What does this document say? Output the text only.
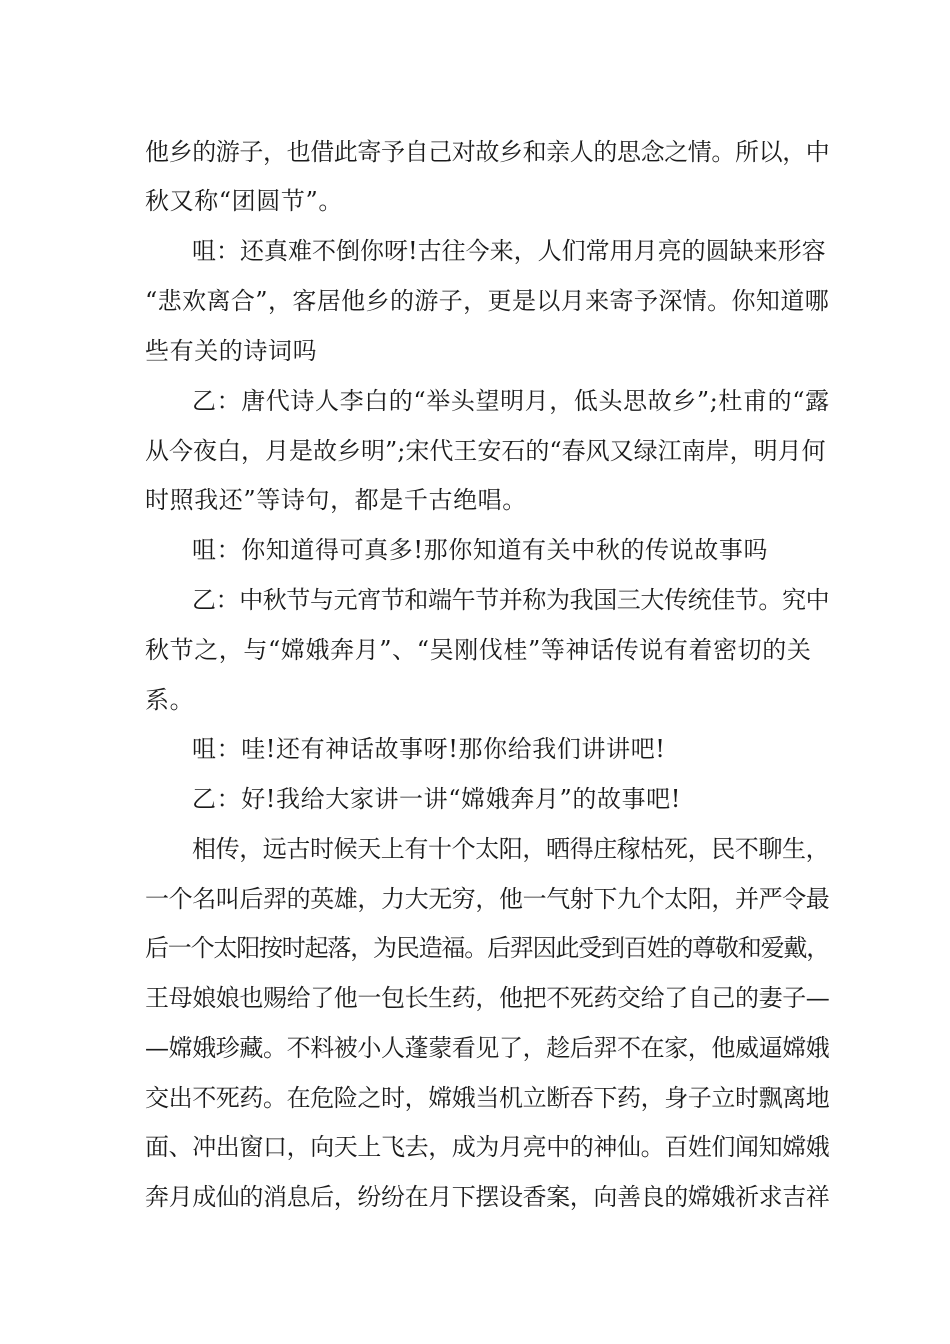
他乡的游子，也借此寄予自己对故乡和亲人的思念之情。所以，中
秋又称“团圆节”。
咀：还真难不倒你呀!古往今来，人们常用月亮的圆缺来形容
“悲欢离合”，客居他乡的游子，更是以月来寄予深情。你知道哪
些有关的诗词吗
乙：唐代诗人李白的“举头望明月，低头思故乡”;杜甫的“露
从今夜白，月是故乡明”;宋代王安石的“春风又绿江南岸，明月何
时照我还”等诗句，都是千古绝唱。
咀：你知道得可真多!那你知道有关中秋的传说故事吗
乙：中秋节与元宵节和端午节并称为我国三大传统佳节。究中
秋节之，与“嫦娥奔月”、“吴刚伐桂”等神话传说有着密切的关
系。
咀：哇!还有神话故事呀!那你给我们讲讲吧!
乙：好!我给大家讲一讲“嫦娥奔月”的故事吧!
相传，远古时候天上有十个太阳，晒得庄稼枯死，民不聊生，
一个名叫后羿的英雄，力大无穷，他一气射下九个太阳，并严令最
后一个太阳按时起落，为民造福。后羿因此受到百姓的尊敬和爱戴，
王母娘娘也赐给了他一包长生药，他把不死药交给了自己的妻子—
—嫦娥珍藏。不料被小人蓬蒙看见了，趁后羿不在家，他威逼嫦娥
交出不死药。在危险之时，嫦娥当机立断吞下药，身子立时飘离地
面、冲出窗口，向天上飞去，成为月亮中的神仙。百姓们闻知嫦娥
奔月成仙的消息后，纷纷在月下摆设香案，向善良的嫦娥祈求吉祥
